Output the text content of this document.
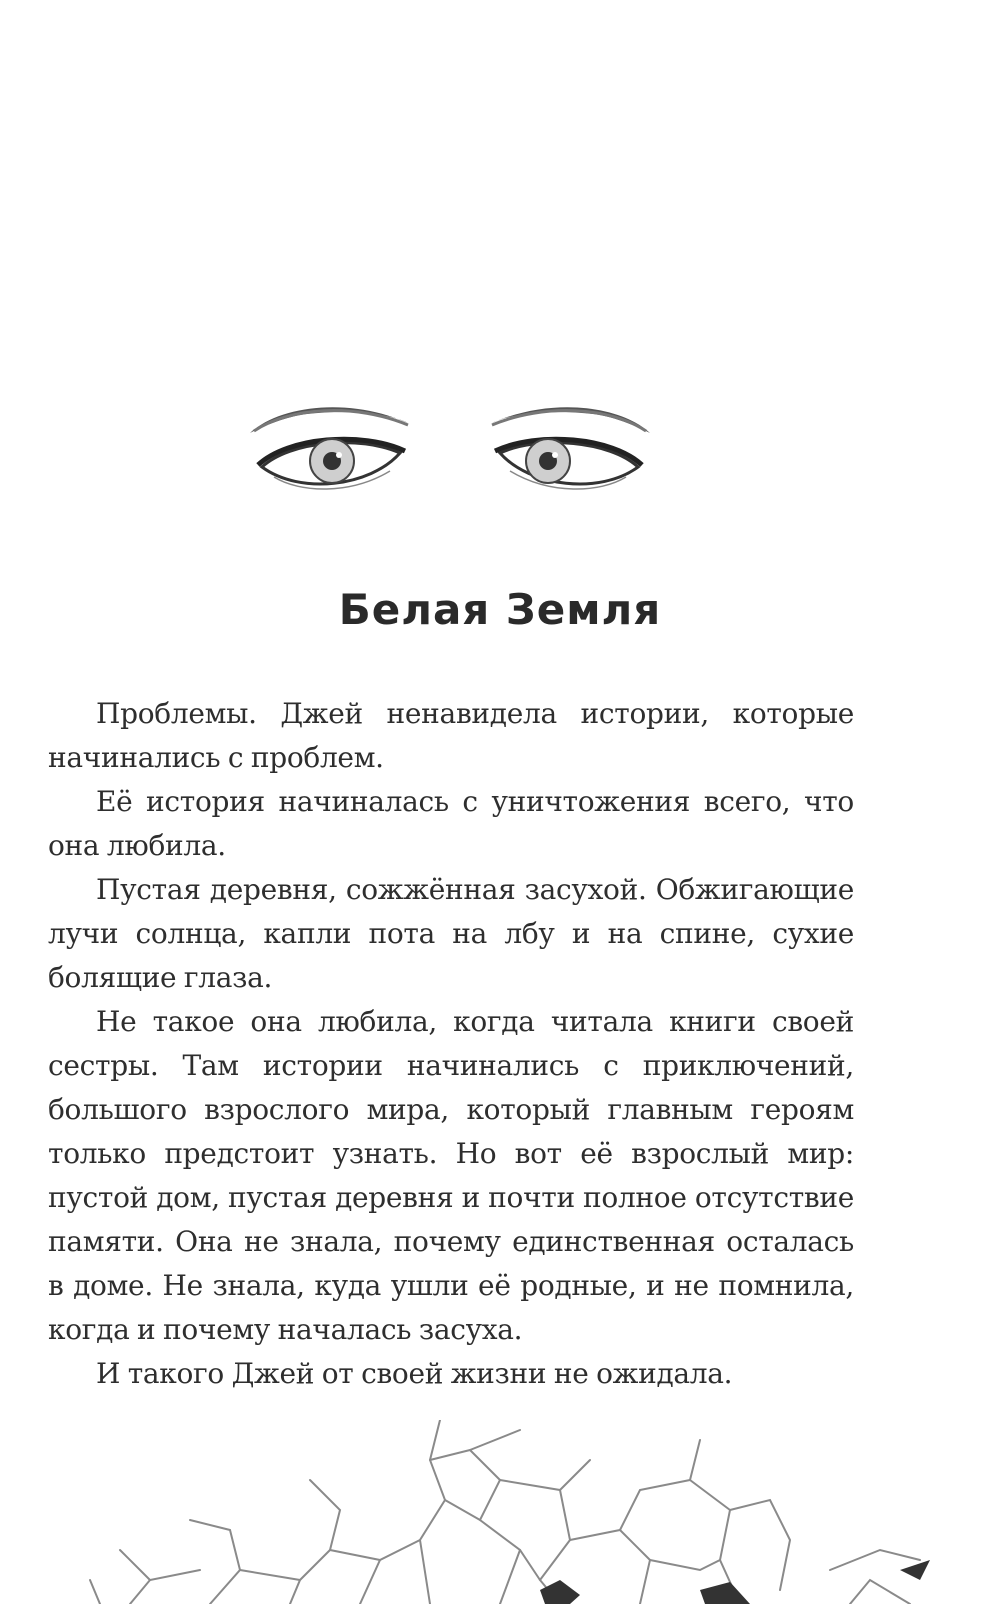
Белая Земля

Проблемы. Джей ненавидела истории, которые начинались с проблем.

Её история начиналась с уничтожения всего, что она любила.

Пустая деревня, сожжённая засухой. Обжигающие лучи солнца, капли пота на лбу и на спине, сухие болящие глаза.

Не такое она любила, когда читала книги своей сестры. Там истории начинались с приключений, большого взрослого мира, который главным героям только предстоит узнать. Но вот её взрослый мир: пустой дом, пустая деревня и почти полное отсутствие памяти. Она не знала, почему единственная осталась в доме. Не знала, куда ушли её родные, и не помнила, когда и почему началась засуха.

И такого Джей от своей жизни не ожидала.
